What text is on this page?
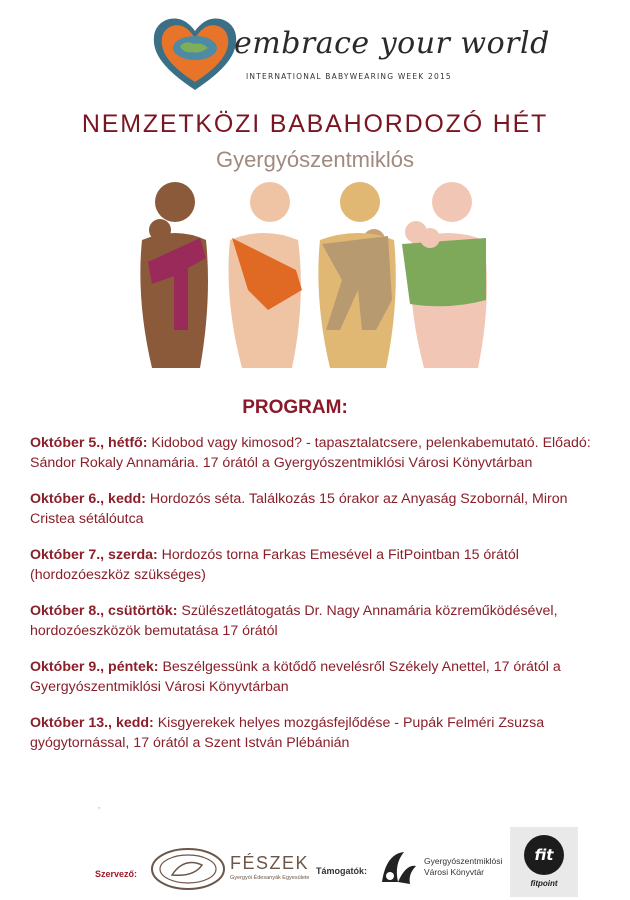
embrace your world
INTERNATIONAL BABYWEARING WEEK 2015
NEMZETKÖZI BABAHORDOZÓ HÉT
Gyergyószentmiklós
PROGRAM:
Október 5., hétfő: Kidobod vagy kimosod? - tapasztalatcsere, pelenkabemutató. Előadó: Sándor Rokaly Annamária. 17 órától a Gyergyószentmiklósi Városi Könyvtárban
Október 6., kedd: Hordozós séta. Találkozás 15 órakor az Anyaság Szobornál, Miron Cristea sétálóutca
Október 7., szerda: Hordozós torna Farkas Emesével a FitPointban 15 órától (hordozóeszköz szükséges)
Október 8., csütörtök: Szülészetlátogatás Dr. Nagy Annamária közreműködésével, hordozóeszközök bemutatása 17 órától
Október 9., péntek: Beszélgessünk a kötődő nevelésről Székely Anettel, 17 órától a Gyergyószentmiklósi Városi Könyvtárban
Október 13., kedd: Kisgyerekek helyes mozgásfejlődése - Pupák Felméri Zsuzsa gyógytornással, 17 órától a Szent István Plébánián
‚
Szervező:
FÉSZEK
Gyergyói Édesanyák Egyesülete
Támogatók:
Gyergyószentmiklósi Városi Könyvtár
fit
fitpoint
